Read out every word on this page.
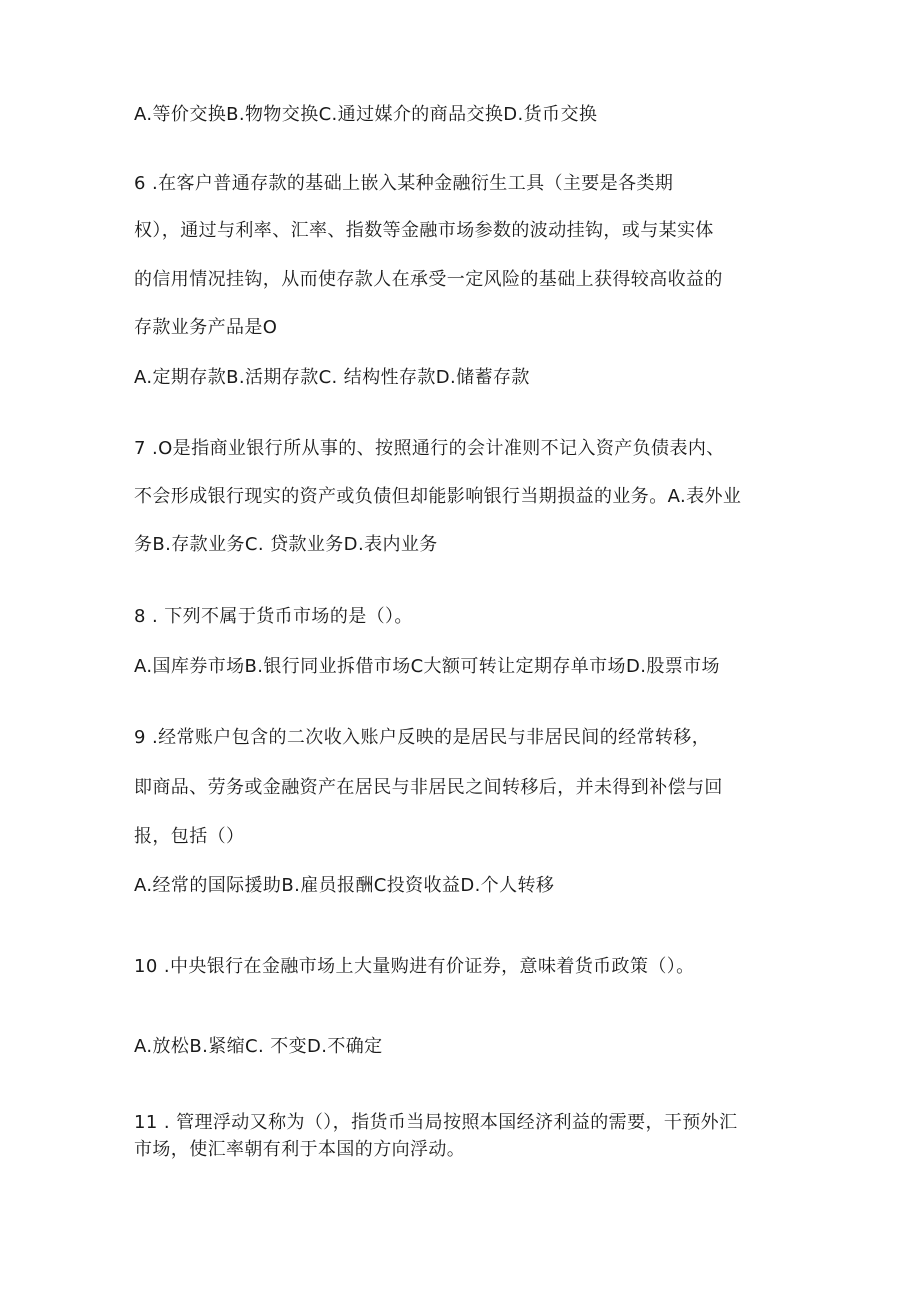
A.等价交换B.物物交换C.通过媒介的商品交换D.货币交换
6 .在客户普通存款的基础上嵌入某种金融衍生工具（主要是各类期
权），通过与利率、汇率、指数等金融市场参数的波动挂钩，或与某实体
的信用情况挂钩，从而使存款人在承受一定风险的基础上获得较高收益的
存款业务产品是O
A.定期存款B.活期存款C. 结构性存款D.储蓄存款
7 .O是指商业银行所从事的、按照通行的会计准则不记入资产负债表内、
不会形成银行现实的资产或负债但却能影响银行当期损益的业务。A.表外业
务B.存款业务C. 贷款业务D.表内业务
8 . 下列不属于货币市场的是（）。
A.国库券市场B.银行同业拆借市场C大额可转让定期存单市场D.股票市场
9 .经常账户包含的二次收入账户反映的是居民与非居民间的经常转移，
即商品、劳务或金融资产在居民与非居民之间转移后，并未得到补偿与回
报，包括（）
A.经常的国际援助B.雇员报酬C投资收益D.个人转移
10 .中央银行在金融市场上大量购进有价证券，意味着货币政策（）。
A.放松B.紧缩C. 不变D.不确定
11 . 管理浮动又称为（），指货币当局按照本国经济利益的需要，干预外汇
市场，使汇率朝有利于本国的方向浮动。
